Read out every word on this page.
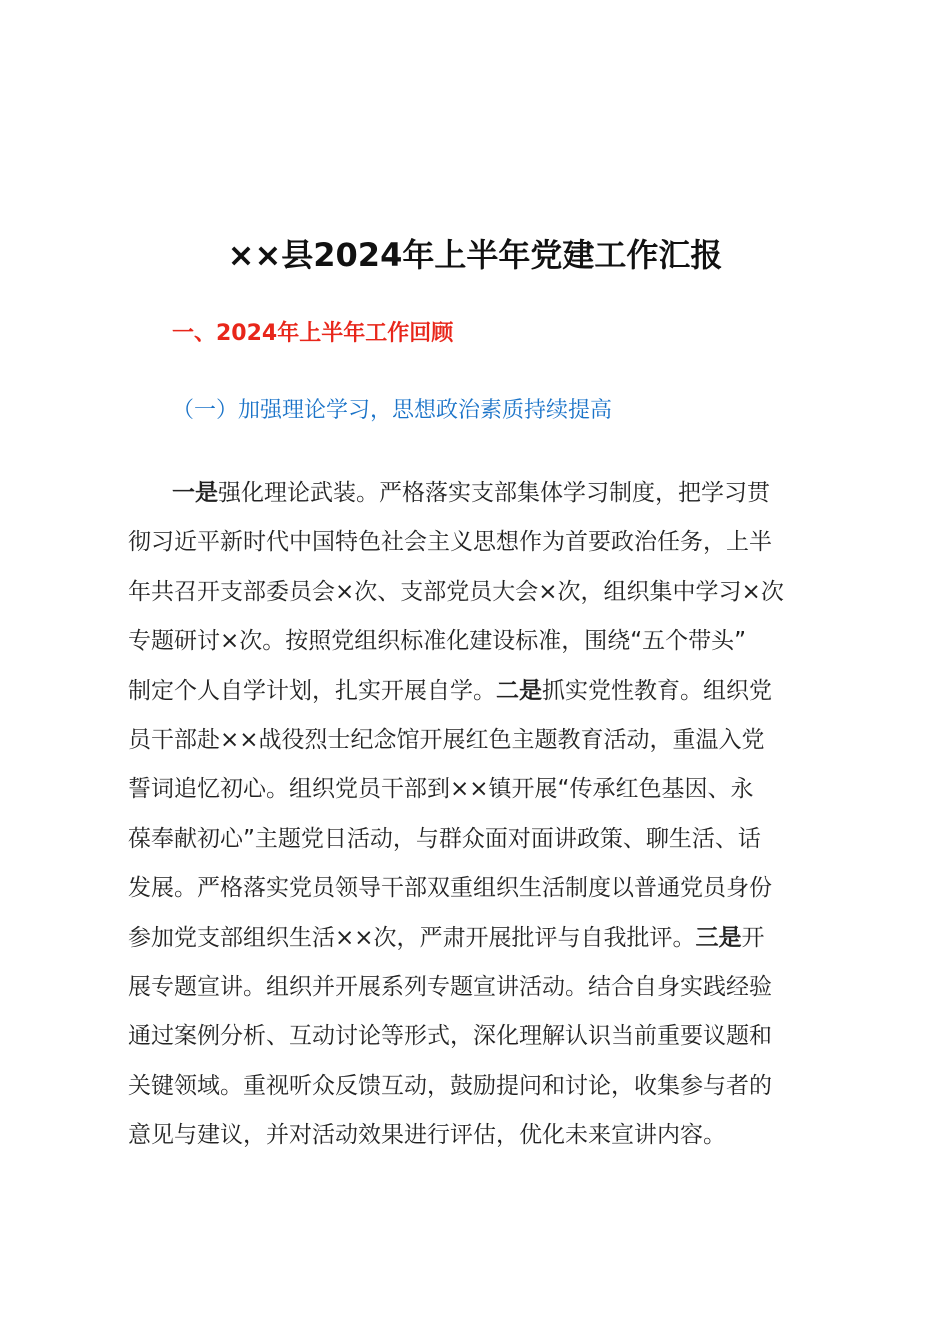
××县2024年上半年党建工作汇报
一、2024年上半年工作回顾
（一）加强理论学习，思想政治素质持续提高
一是强化理论武装。严格落实支部集体学习制度，把学习贯
彻习近平新时代中国特色社会主义思想作为首要政治任务，上半
年共召开支部委员会×次、支部党员大会×次，组织集中学习×次
专题研讨×次。按照党组织标准化建设标准，围绕“五个带头”
制定个人自学计划，扎实开展自学。二是抓实党性教育。组织党
员干部赴××战役烈士纪念馆开展红色主题教育活动，重温入党
誓词追忆初心。组织党员干部到××镇开展“传承红色基因、永
葆奉献初心”主题党日活动，与群众面对面讲政策、聊生活、话
发展。严格落实党员领导干部双重组织生活制度以普通党员身份
参加党支部组织生活××次，严肃开展批评与自我批评。三是开
展专题宣讲。组织并开展系列专题宣讲活动。结合自身实践经验
通过案例分析、互动讨论等形式，深化理解认识当前重要议题和
关键领域。重视听众反馈互动，鼓励提问和讨论，收集参与者的
意见与建议，并对活动效果进行评估，优化未来宣讲内容。
